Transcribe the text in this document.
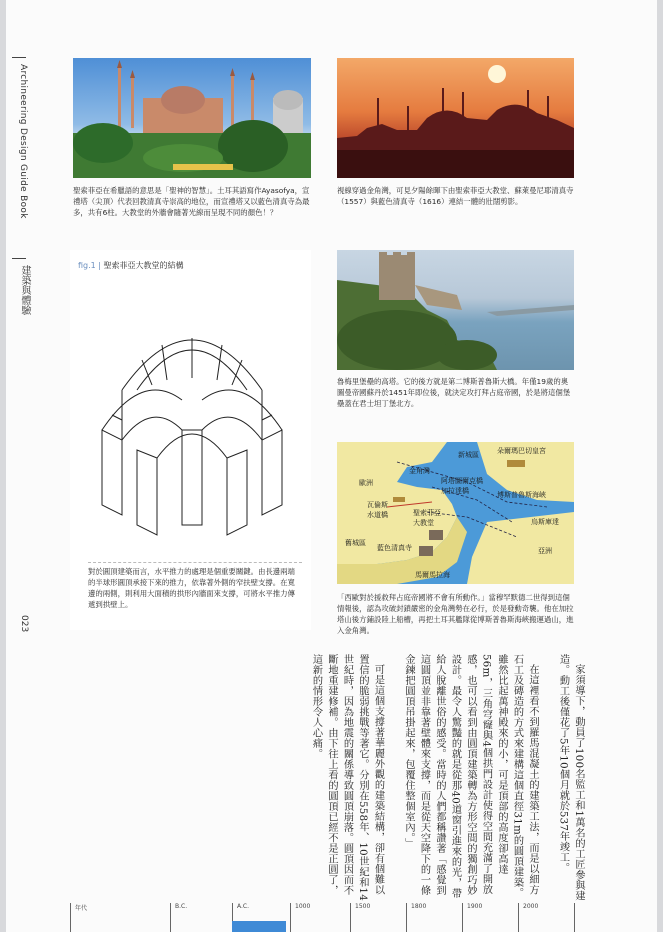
Archineering Design Guide Book
建築與體驗
023
聖索菲亞在希臘語的意思是「聖神的智慧」。土耳其語寫作Ayasofya，宣禮塔（尖頂）代表回教清真寺崇高的地位，而宣禮塔又以藍色清真寺為最多，共有6柱。大教堂的外牆會隨著光線而呈現不同的顏色！？
視線穿過金角灣，可見夕陽餘暉下由聖索菲亞大教堂、蘇萊曼尼耶清真寺（1557）與藍色清真寺（1616）連結一體的壯闊剪影。
fig.1 | 聖索菲亞大教堂的結構
對於圓頂建築而言，水平推力的處理是個重要關鍵。由長邊兩端的半球形圓頂承接下來的推力，依靠著外側的窄扶壁支撐。在寬邊的兩側，則利用大面積的拱形內牆面來支撐，可將水平推力傳遞到拱壁上。
魯梅里堡壘的高塔。它的後方就是第二博斯普魯斯大橋。年僅19歲的奧圖曼帝國蘇丹於1451年即位後，就決定攻打拜占庭帝國，於是將這個堡壘蓋在君士坦丁堡北方。
新城區	朵爾瑪巴切皇宮
金角灣
阿塔圖爾克橋
加拉達橋
歐洲
瓦倫斯
水道橋
博斯普魯斯海峽
聖索菲亞
大教堂	烏斯庫達
舊城區
藍色清真寺	亞洲
馬爾馬拉海
「西歐對於援救拜占庭帝國將不會有所動作。」當穆罕默德二世得到這個情報後，認為攻破封鎖嚴密的金角灣勢在必行，於是發動奇襲。他在加拉塔山後方鋪設陸上船槽，再把土耳其艦隊從博斯普魯斯海峽搬運過山，進入金角灣。

家須導下，動員了100名監工和1萬名的工匠參與建造。動工後僅花了5年10個月就於537年竣工。

在這裡看不到羅馬混凝土的建築工法，而是以細方石工及磚造的方式來建構這個直徑31m的圓頂建築。雖然比起萬神殿來的小，可是頂部的高度卻高達56m，三角穹窿與4個拱門設計使得空間充滿了開放感，也可以看到由圓頂建築轉為方形空間的獨創巧妙設計。最令人驚豔的就是從那40道窗引進來的光，帶給人脫離世俗的感受。當時的人們都稱讚著「感覺到這圓頂並非靠著壁體來支撐，而是從天空降下的一條金鍊把圓頂吊掛起來，包覆住整個室內。」

可是這個支撐著華麗外觀的建築結構，卻有個難以置信的脆弱挑戰等著它。分別在558年、10世紀和14世紀時，因為地震的關係導致圓頂崩落。圓頂因而不斷地重建修補。由下往上看的圓頂已經不是正圓了，這新的情形令人心痛。

年代	B.C.	A.C.	1000	1500	1800	1900	2000
